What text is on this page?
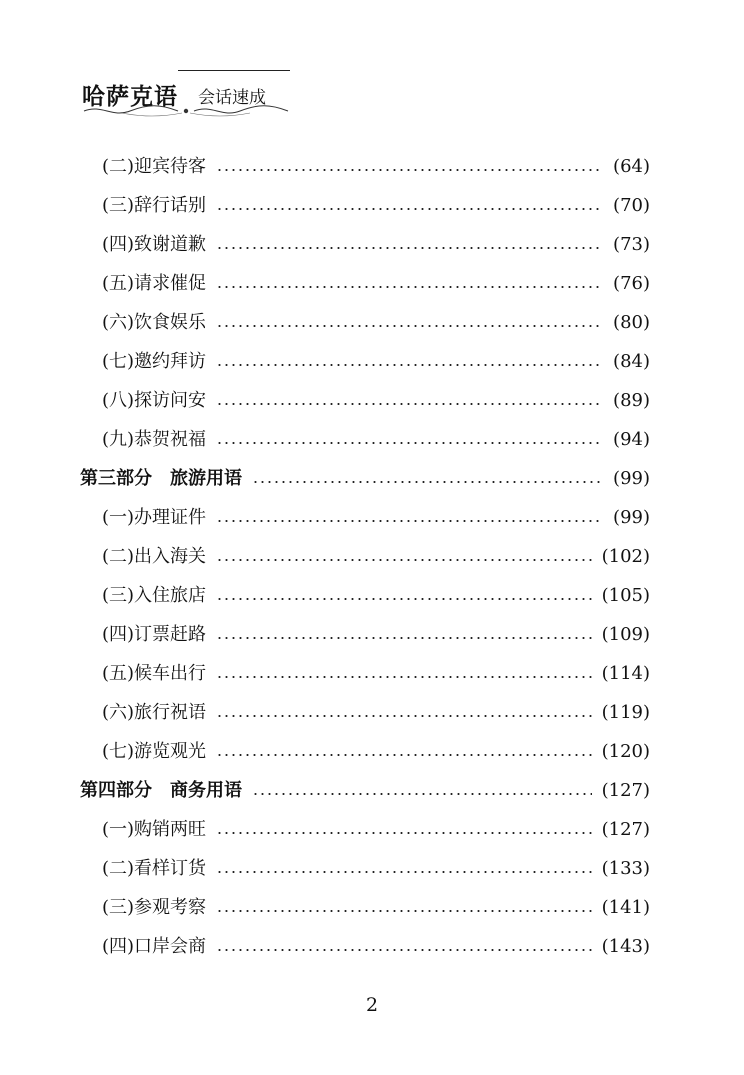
哈萨克语 会话速成
(二)迎宾待客	(64)
(三)辞行话别	(70)
(四)致谢道歉	(73)
(五)请求催促	(76)
(六)饮食娱乐	(80)
(七)邀约拜访	(84)
(八)探访问安	(89)
(九)恭贺祝福	(94)
第三部分　旅游用语	(99)
(一)办理证件	(99)
(二)出入海关	(102)
(三)入住旅店	(105)
(四)订票赶路	(109)
(五)候车出行	(114)
(六)旅行祝语	(119)
(七)游览观光	(120)
第四部分　商务用语	(127)
(一)购销两旺	(127)
(二)看样订货	(133)
(三)参观考察	(141)
(四)口岸会商	(143)
2
